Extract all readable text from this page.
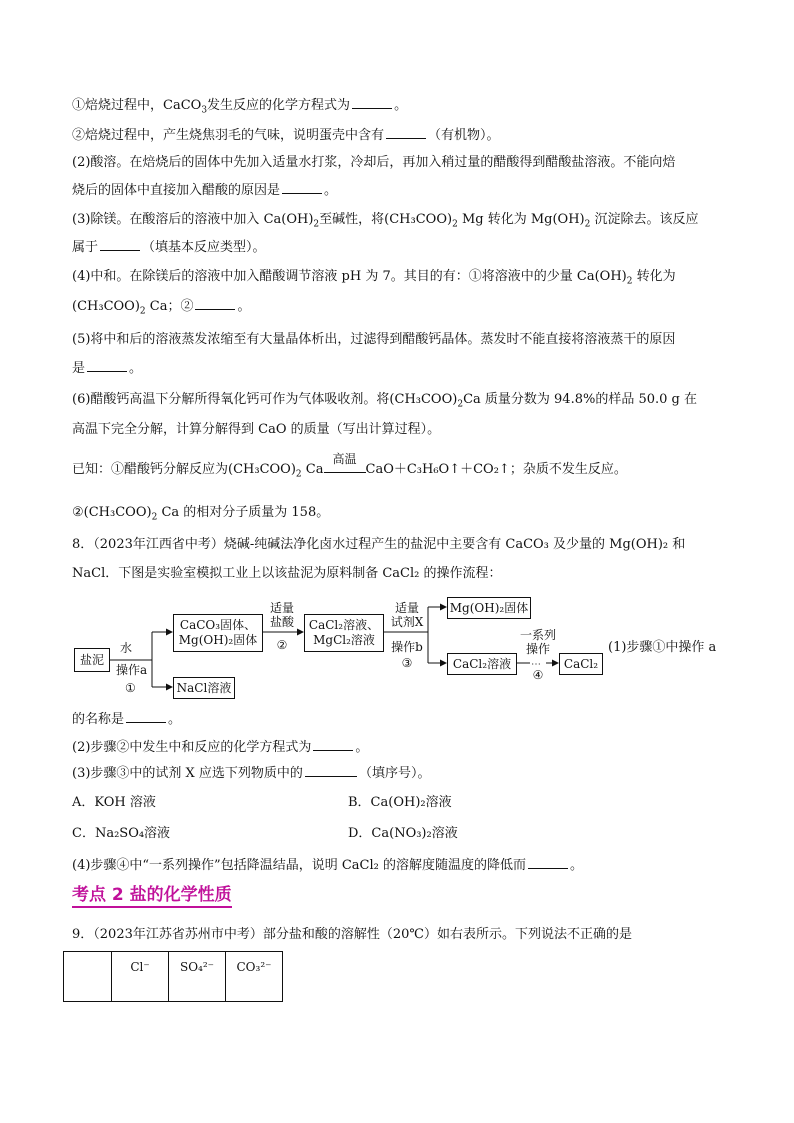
①焙烧过程中，CaCO$_3$发生反应的化学方程式为	。
②焙烧过程中，产生烧焦羽毛的气味，说明蛋壳中含有	（有机物）。
(2)酸溶。在焙烧后的固体中先加入适量水打浆，冷却后，再加入稍过量的醋酸得到醋酸盐溶液。不能向焙
烧后的固体中直接加入醋酸的原因是	。
(3)除镁。在酸溶后的溶液中加入 $Ca(OH)_2$至碱性，将$(CH_3COO)_2$ Mg 转化为 $Mg(OH)_2$ 沉淀除去。该反应
属于	（填基本反应类型）。
(4)中和。在除镁后的溶液中加入醋酸调节溶液 pH 为 7。其目的有：①将溶液中的少量 $Ca(OH)_2$ 转化为
$(CH_3COO)_2$ Ca；②	。
(5)将中和后的溶液蒸发浓缩至有大量晶体析出，过滤得到醋酸钙晶体。蒸发时不能直接将溶液蒸干的原因
是	。
(6)醋酸钙高温下分解所得氧化钙可作为气体吸收剂。将$(CH_3COO)_2Ca$ 质量分数为 94.8%的样品 50.0 g 在
高温下完全分解，计算分解得到 CaO 的质量（写出计算过程）。
已知：①醋酸钙分解反应为$(CH_3COO)_2$ Ca
高温
CaO＋C₃H₆O↑＋CO₂↑；杂质不发生反应。
$②(CH_3COO)_2$ Ca 的相对分子质量为 158。
8．（2023年江西省中考）烧碱-纯碱法净化卤水过程产生的盐泥中主要含有 CaCO₃ 及少量的 Mg(OH)₂ 和
NaCl．下图是实验室模拟工业上以该盐泥为原料制备 CaCl₂ 的操作流程：
⋯
盐泥
水
操作a
①
CaCO₃固体、
Mg(OH)₂固体
NaCl溶液
适量
盐酸
②
CaCl₂溶液、
MgCl₂溶液
适量
试剂X
操作b
③
Mg(OH)₂固体
CaCl₂溶液
一系列
操作
④
CaCl₂
(1)步骤①中操作 a
的名称是	。
(2)步骤②中发生中和反应的化学方程式为	。
(3)步骤③中的试剂 X 应选下列物质中的	（填序号）。
A．KOH 溶液	B．Ca(OH)₂溶液
C．Na₂SO₄溶液	D．Ca(NO₃)₂溶液
(4)步骤④中“一系列操作”包括降温结晶，说明 CaCl₂ 的溶解度随温度的降低而	。
考点 2 盐的化学性质
9．（2023年江苏省苏州市中考）部分盐和酸的溶解性（20℃）如右表所示。下列说法不正确的是
	Cl⁻	SO₄²⁻	CO₃²⁻
